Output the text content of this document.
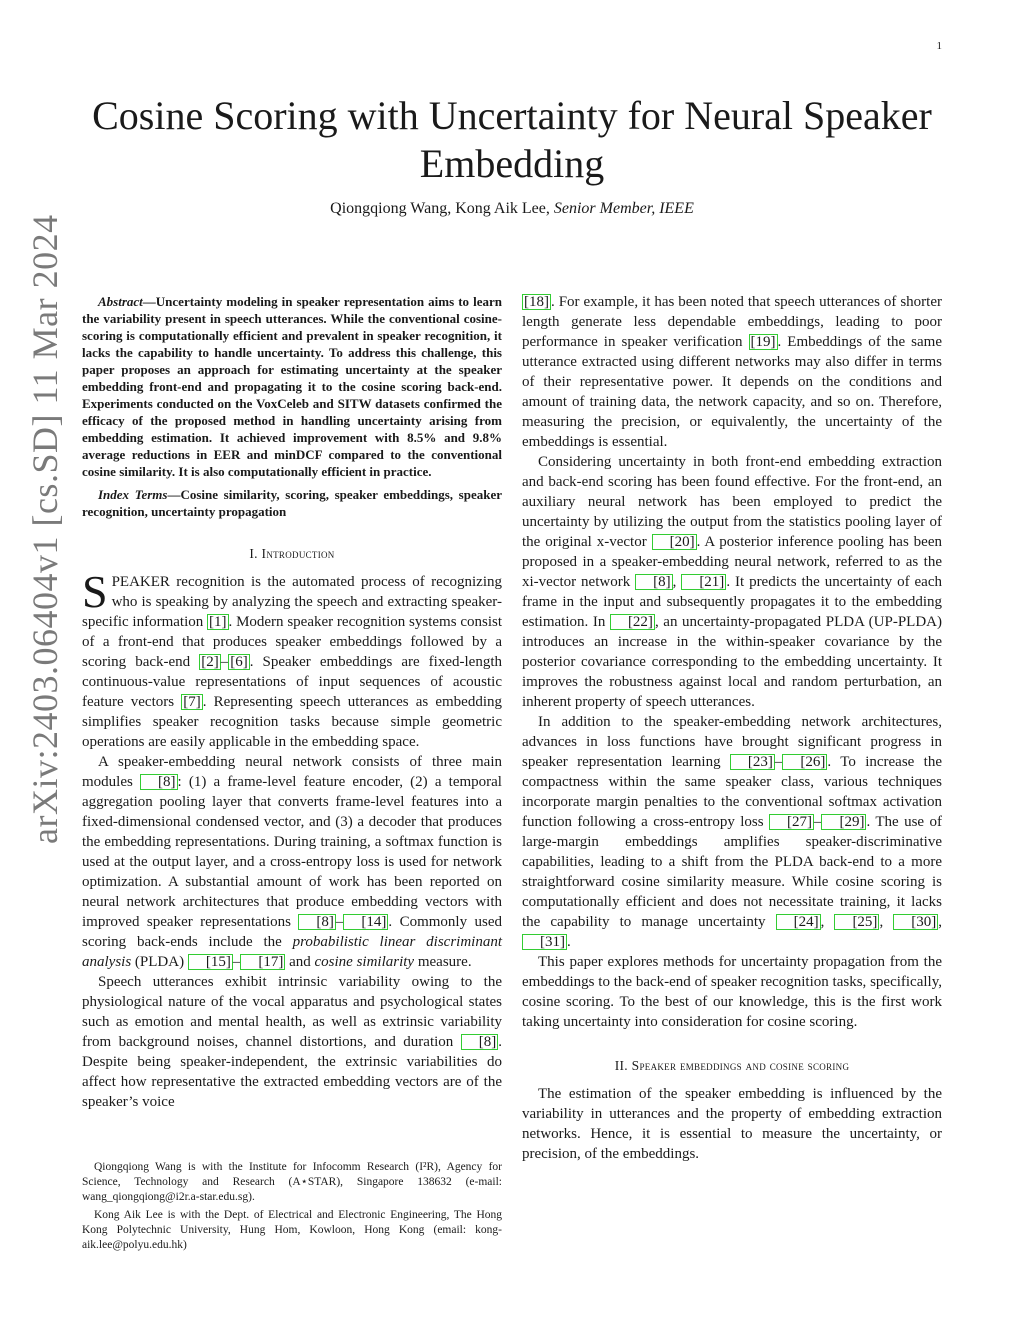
1
arXiv:2403.06404v1 [cs.SD] 11 Mar 2024
Cosine Scoring with Uncertainty for Neural Speaker Embedding
Qiongqiong Wang, Kong Aik Lee, Senior Member, IEEE

Abstract—Uncertainty modeling in speaker representation aims to learn the variability present in speech utterances. While the conventional cosine-scoring is computationally efficient and prevalent in speaker recognition, it lacks the capability to handle uncertainty. To address this challenge, this paper proposes an approach for estimating uncertainty at the speaker embedding front-end and propagating it to the cosine scoring back-end. Experiments conducted on the VoxCeleb and SITW datasets confirmed the efficacy of the proposed method in handling uncertainty arising from embedding estimation. It achieved improvement with 8.5% and 9.8% average reductions in EER and minDCF compared to the conventional cosine similarity. It is also computationally efficient in practice.

Index Terms—Cosine similarity, scoring, speaker embeddings, speaker recognition, uncertainty propagation

I. Introduction

SPEAKER recognition is the automated process of recognizing who is speaking by analyzing the speech and extracting speaker-specific information [1] . Modern speaker recognition systems consist of a front-end that produces speaker embeddings followed by a scoring back-end [2] – [6] . Speaker embeddings are fixed-length continuous-value representations of input sequences of acoustic feature vectors [7] . Representing speech utterances as embedding simplifies speaker recognition tasks because simple geometric operations are easily applicable in the embedding space.

A speaker-embedding neural network consists of three main modules [8] : (1) a frame-level feature encoder, (2) a temporal aggregation pooling layer that converts frame-level features into a fixed-dimensional condensed vector, and (3) a decoder that produces the embedding representations. During training, a softmax function is used at the output layer, and a cross-entropy loss is used for network optimization. A substantial amount of work has been reported on neural network architectures that produce embedding vectors with improved speaker representations [8] – [14] . Commonly used scoring back-ends include the probabilistic linear discriminant analysis (PLDA) [15] – [17] and cosine similarity measure.

Speech utterances exhibit intrinsic variability owing to the physiological nature of the vocal apparatus and psychological states such as emotion and mental health, as well as extrinsic variability from background noises, channel distortions, and duration [8] . Despite being speaker-independent, the extrinsic variabilities do affect how representative the extracted embedding vectors are of the speaker’s voice

Qiongqiong Wang is with the Institute for Infocomm Research (I²R), Agency for Science, Technology and Research (A⋆STAR), Singapore 138632 (e-mail: wang_qiongqiong@i2r.a-star.edu.sg).

Kong Aik Lee is with the Dept. of Electrical and Electronic Engineering, The Hong Kong Polytechnic University, Hung Hom, Kowloon, Hong Kong (email: kong-aik.lee@polyu.edu.hk)

[18] . For example, it has been noted that speech utterances of shorter length generate less dependable embeddings, leading to poor performance in speaker verification [19] . Embeddings of the same utterance extracted using different networks may also differ in terms of their representative power. It depends on the conditions and amount of training data, the network capacity, and so on. Therefore, measuring the precision, or equivalently, the uncertainty of the embeddings is essential.

Considering uncertainty in both front-end embedding extraction and back-end scoring has been found effective. For the front-end, an auxiliary neural network has been employed to predict the uncertainty by utilizing the output from the statistics pooling layer of the original x-vector [20] . A posterior inference pooling has been proposed in a speaker-embedding neural network, referred to as the xi-vector network [8] , [21] . It predicts the uncertainty of each frame in the input and subsequently propagates it to the embedding estimation. In [22] , an uncertainty-propagated PLDA (UP-PLDA) introduces an increase in the within-speaker covariance by the posterior covariance corresponding to the embedding uncertainty. It improves the robustness against local and random perturbation, an inherent property of speech utterances.

In addition to the speaker-embedding network architectures, advances in loss functions have brought significant progress in speaker representation learning [23] – [26] . To increase the compactness within the same speaker class, various techniques incorporate margin penalties to the conventional softmax activation function following a cross-entropy loss [27] – [29] . The use of large-margin embeddings amplifies speaker-discriminative capabilities, leading to a shift from the PLDA back-end to a more straightforward cosine similarity measure. While cosine scoring is computationally efficient and does not necessitate training, it lacks the capability to manage uncertainty [24] , [25] , [30] , [31] .

This paper explores methods for uncertainty propagation from the embeddings to the back-end of speaker recognition tasks, specifically, cosine scoring. To the best of our knowledge, this is the first work taking uncertainty into consideration for cosine scoring.

II. Speaker embeddings and cosine scoring

The estimation of the speaker embedding is influenced by the variability in utterances and the property of embedding extraction networks. Hence, it is essential to measure the uncertainty, or precision, of the embeddings.
